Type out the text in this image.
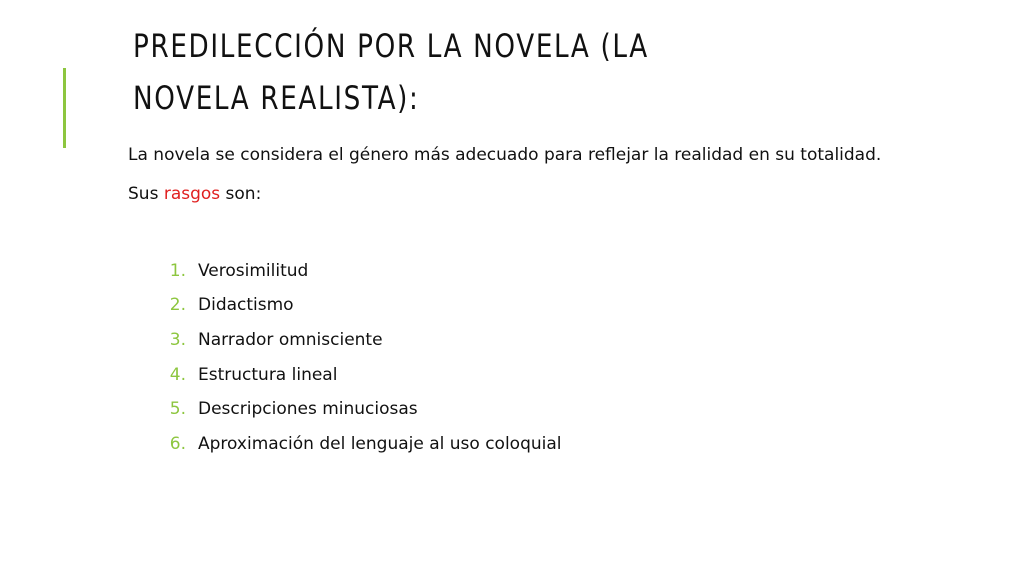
PREDILECCIÓN POR LA NOVELA (LA NOVELA REALISTA):

La novela se considera el género más adecuado para reflejar la realidad en su totalidad.

Sus rasgos son:

1. Verosimilitud
2. Didactismo
3. Narrador omnisciente
4. Estructura lineal
5. Descripciones minuciosas
6. Aproximación del lenguaje al uso coloquial
